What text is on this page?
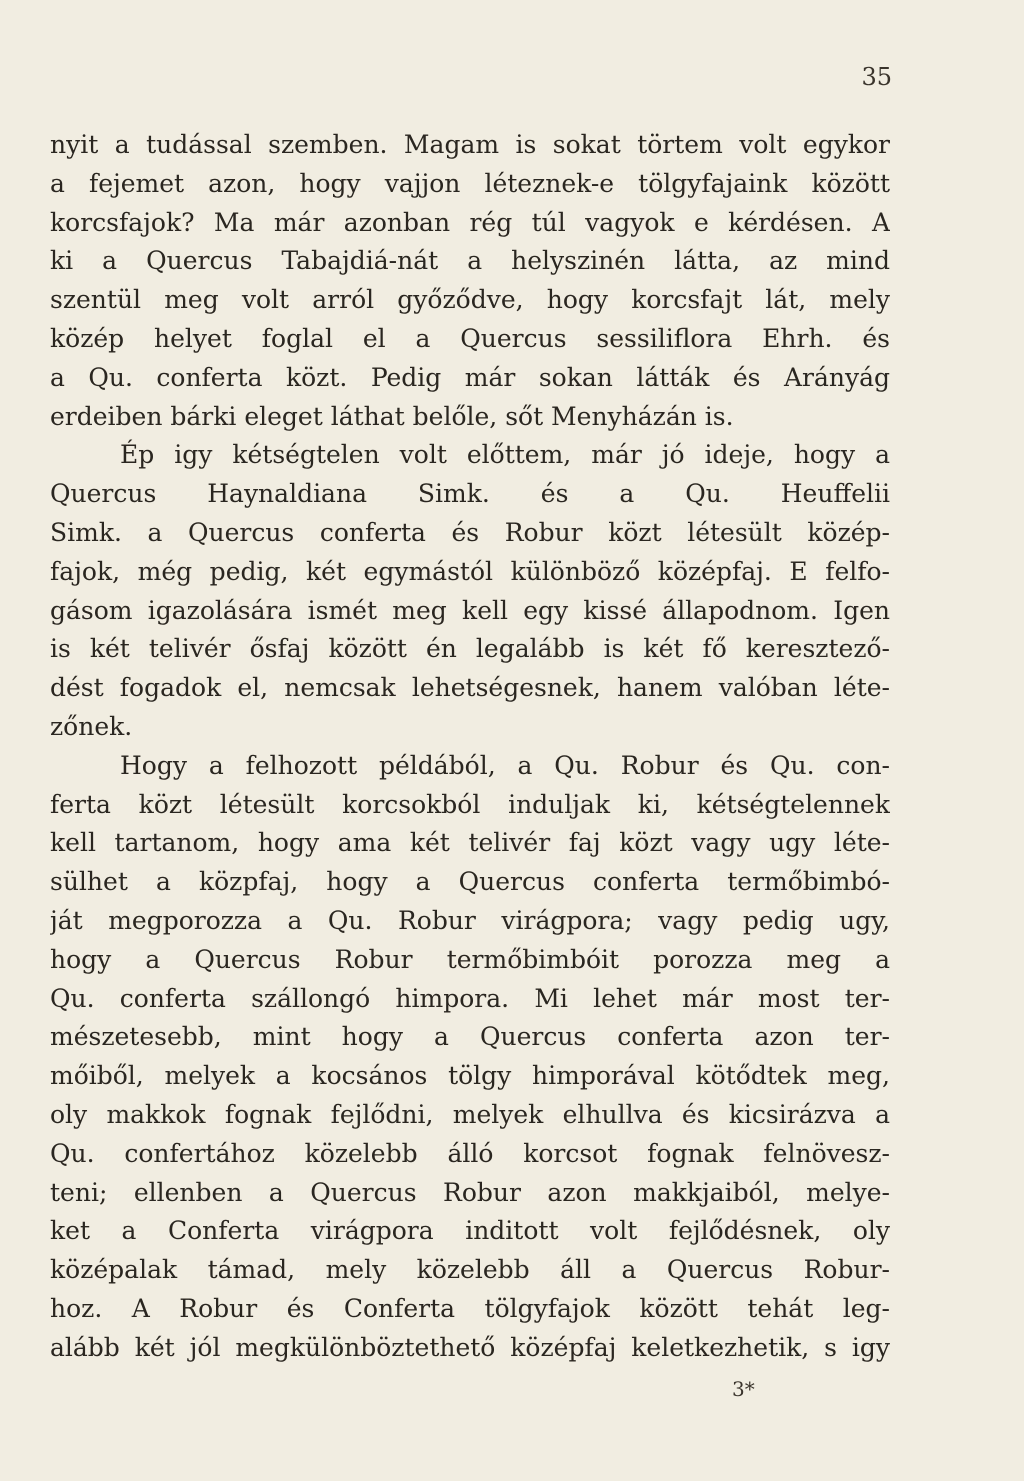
35
nyit a tudással szemben. Magam is sokat törtem volt egykor
a fejemet azon, hogy vajjon léteznek-e tölgyfajaink között
korcsfajok? Ma már azonban rég túl vagyok e kérdésen. A
ki a Quercus Tabajdiá-nát a helyszinén látta, az mind
szentül meg volt arról győződve, hogy korcsfajt lát, mely
közép helyet foglal el a Quercus sessiliflora Ehrh. és
a Qu. conferta közt. Pedig már sokan látták és Arányág
erdeiben bárki eleget láthat belőle, sőt Menyházán is.
Ép igy kétségtelen volt előttem, már jó ideje, hogy a
Quercus Haynaldiana Simk. és a Qu. Heuffelii
Simk. a Quercus conferta és Robur közt létesült közép-
fajok, még pedig, két egymástól különböző középfaj. E felfo-
gásom igazolására ismét meg kell egy kissé állapodnom. Igen
is két telivér ősfaj között én legalább is két fő keresztező-
dést fogadok el, nemcsak lehetségesnek, hanem valóban léte-
zőnek.
Hogy a felhozott példából, a Qu. Robur és Qu. con-
ferta közt létesült korcsokból induljak ki, kétségtelennek
kell tartanom, hogy ama két telivér faj közt vagy ugy léte-
sülhet a közpfaj, hogy a Quercus conferta termőbimbó-
ját megporozza a Qu. Robur virágpora; vagy pedig ugy,
hogy a Quercus Robur termőbimbóit porozza meg a
Qu. conferta szállongó himpora. Mi lehet már most ter-
mészetesebb, mint hogy a Quercus conferta azon ter-
mőiből, melyek a kocsános tölgy himporával kötődtek meg,
oly makkok fognak fejlődni, melyek elhullva és kicsirázva a
Qu. confertához közelebb álló korcsot fognak felnövesz-
teni; ellenben a Quercus Robur azon makkjaiból, melye-
ket a Conferta virágpora inditott volt fejlődésnek, oly
középalak támad, mely közelebb áll a Quercus Robur-
hoz. A Robur és Conferta tölgyfajok között tehát leg-
alább két jól megkülönböztethető középfaj keletkezhetik, s igy
3*
